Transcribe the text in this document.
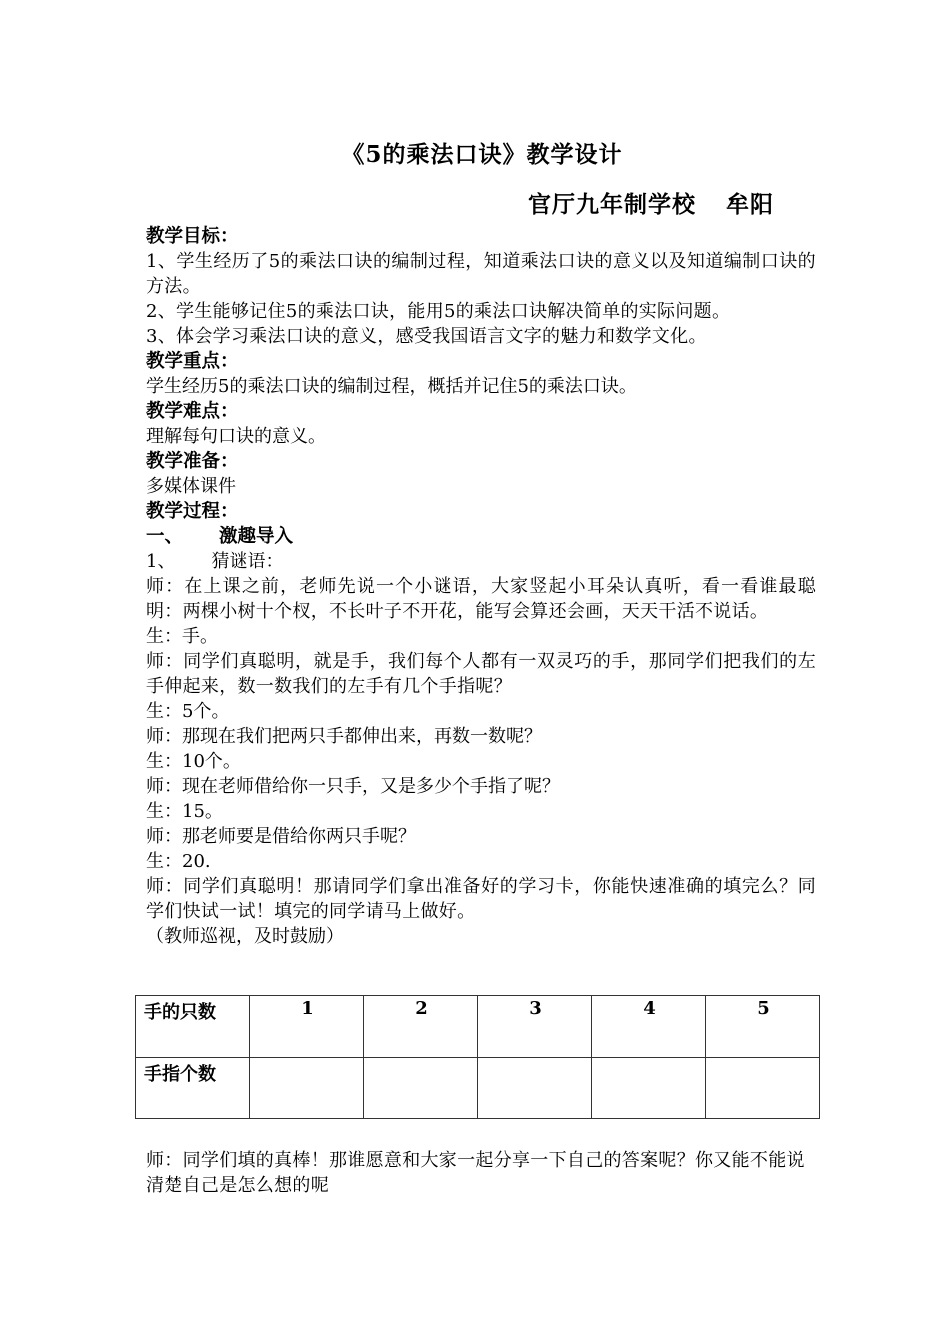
《5的乘法口诀》教学设计
官厅九年制学校 牟阳

教学目标：

1、学生经历了5的乘法口诀的编制过程，知道乘法口诀的意义以及知道编制口诀的方法。

2、学生能够记住5的乘法口诀，能用5的乘法口诀解决简单的实际问题。

3、体会学习乘法口诀的意义，感受我国语言文字的魅力和数学文化。

教学重点：

学生经历5的乘法口诀的编制过程，概括并记住5的乘法口诀。

教学难点：

理解每句口诀的意义。

教学准备：

多媒体课件

教学过程：

一、 激趣导入

1、 猜谜语：

师：在上课之前，老师先说一个小谜语，大家竖起小耳朵认真听，看一看谁最聪明：两棵小树十个杈，不长叶子不开花，能写会算还会画，天天干活不说话。

生：手。

师：同学们真聪明，就是手，我们每个人都有一双灵巧的手，那同学们把我们的左手伸起来，数一数我们的左手有几个手指呢？

生：5个。

师：那现在我们把两只手都伸出来，再数一数呢？

生：10个。

师：现在老师借给你一只手，又是多少个手指了呢？

生：15。

师：那老师要是借给你两只手呢？

生：20.

师：同学们真聪明！那请同学们拿出准备好的学习卡，你能快速准确的填完么？同学们快试一试！填完的同学请马上做好。

（教师巡视，及时鼓励）

手的只数	1	2	3	4	5
手指个数					

师：同学们填的真棒！那谁愿意和大家一起分享一下自己的答案呢？你又能不能说清楚自己是怎么想的呢
